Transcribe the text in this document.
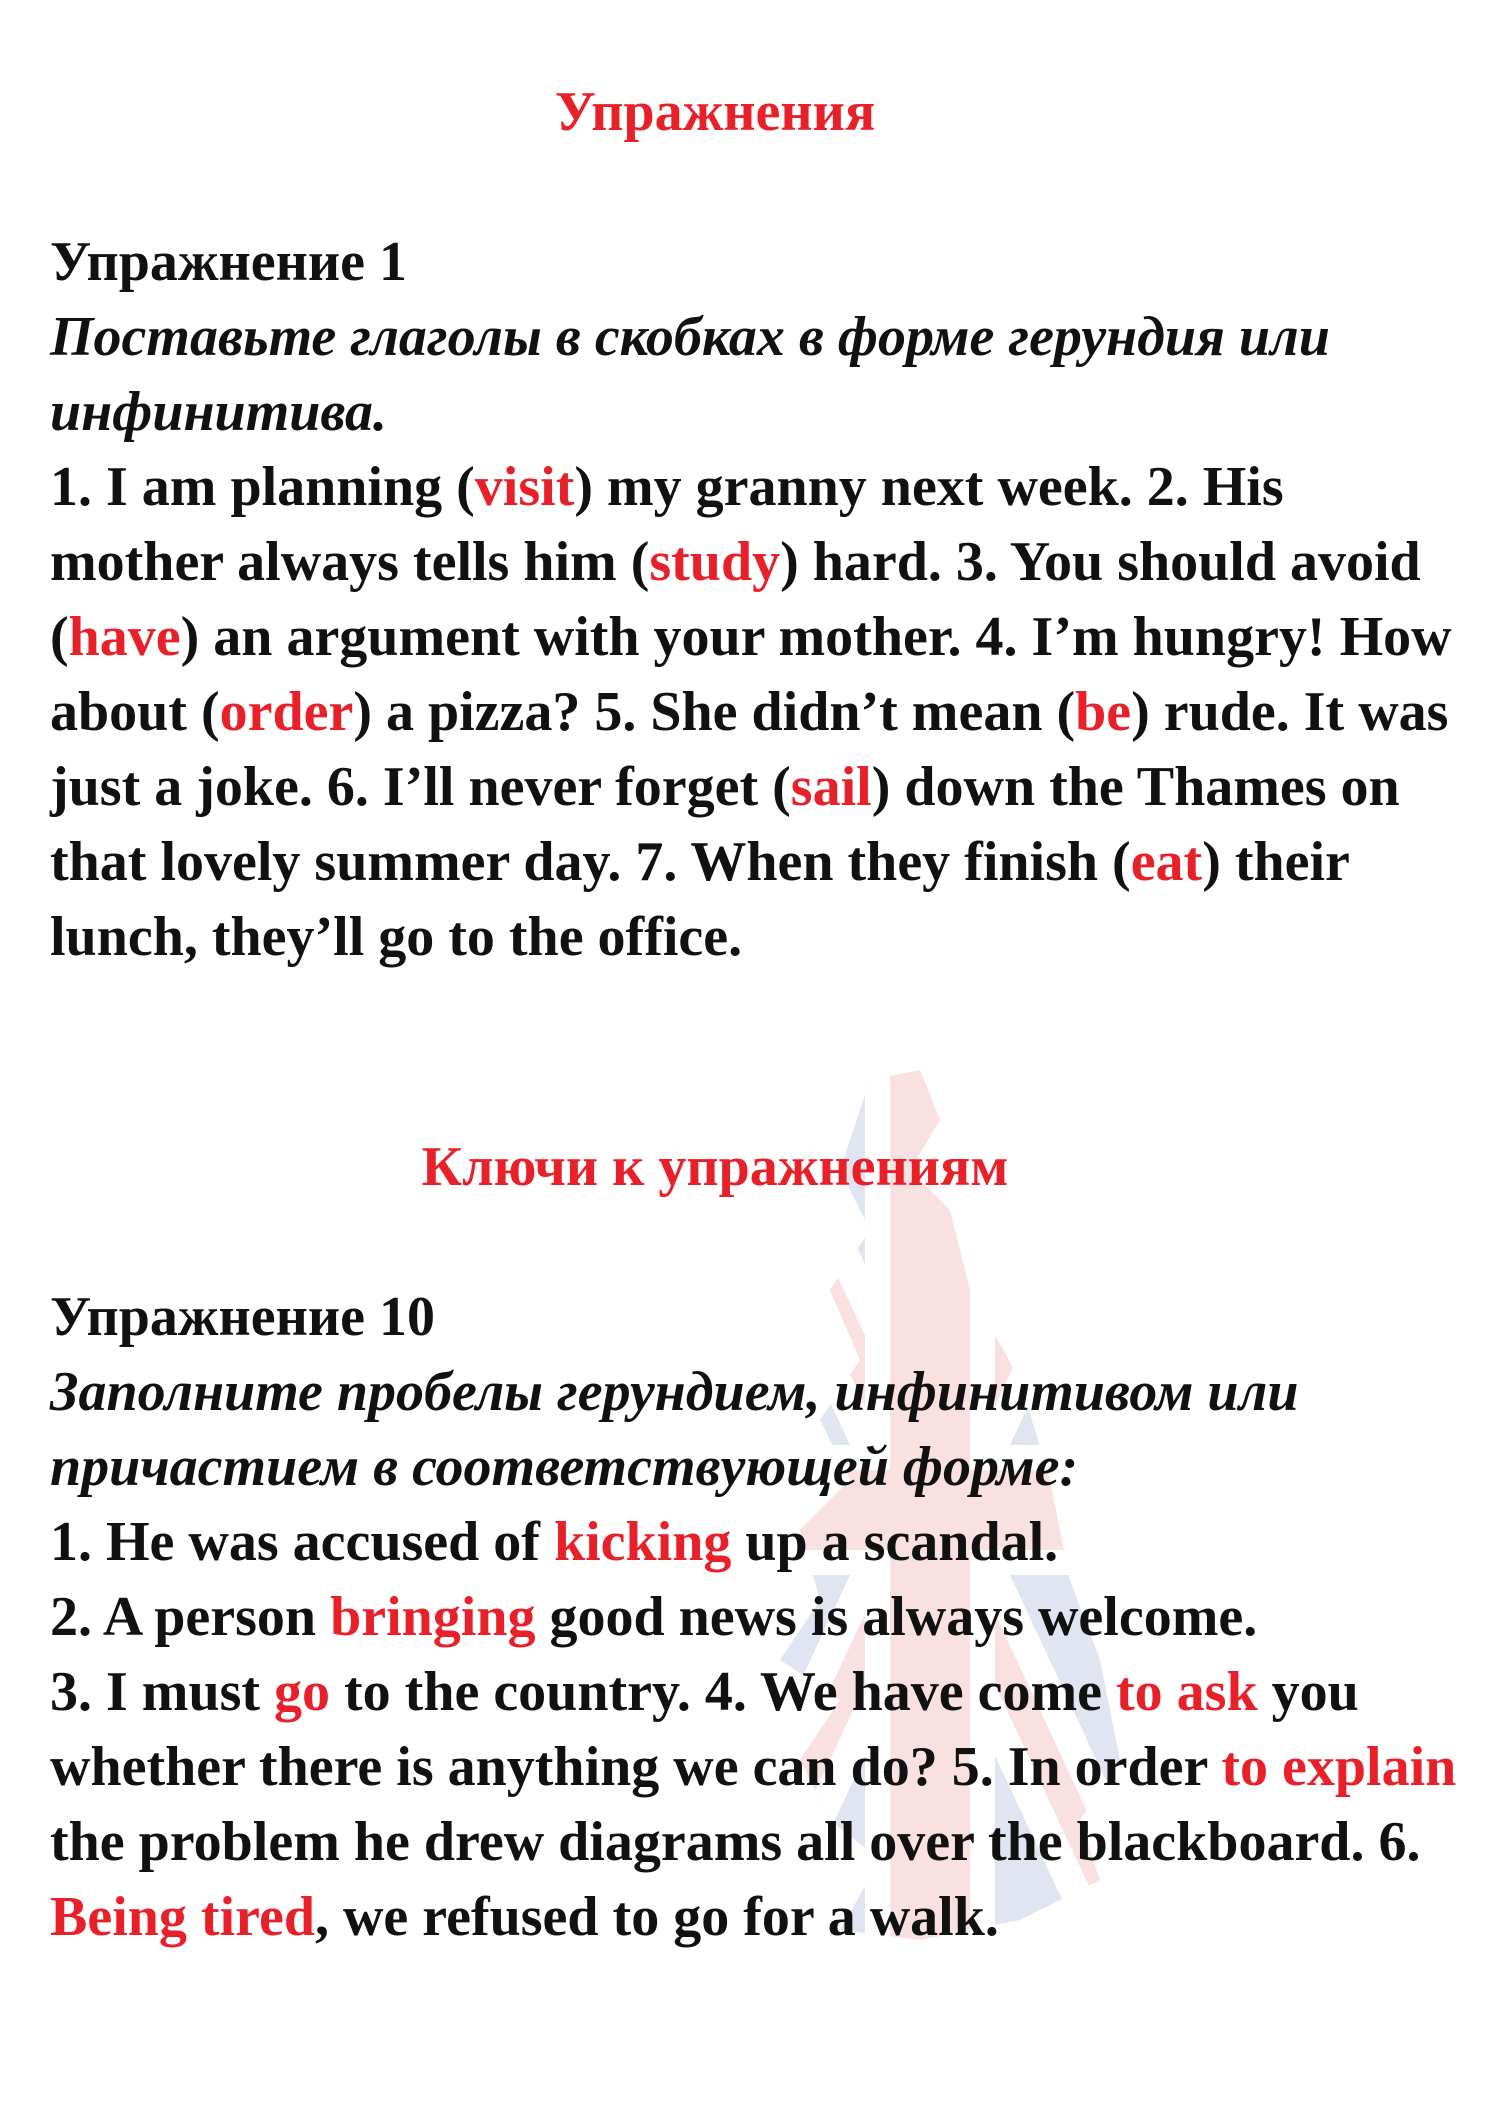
Упражнения
Упражнение 1
Поставьте глаголы в скобках в форме герундия или инфинитива.
1. I am planning (visit) my granny next week. 2. His mother always tells him (study) hard. 3. You should avoid (have) an argument with your mother. 4. I’m hungry! How about (order) a pizza? 5. She didn’t mean (be) rude. It was just a joke. 6. I’ll never forget (sail) down the Thames on that lovely summer day. 7. When they finish (eat) their lunch, they’ll go to the office.
Ключи к упражнениям
Упражнение 10
Заполните пробелы герундием, инфинитивом или причастием в соответствующей форме:
1. He was accused of kicking up a scandal.
2. A person bringing good news is always welcome.
3. I must go to the country. 4. We have come to ask you whether there is anything we can do? 5. In order to explain the problem he drew diagrams all over the blackboard. 6. Being tired, we refused to go for a walk.
